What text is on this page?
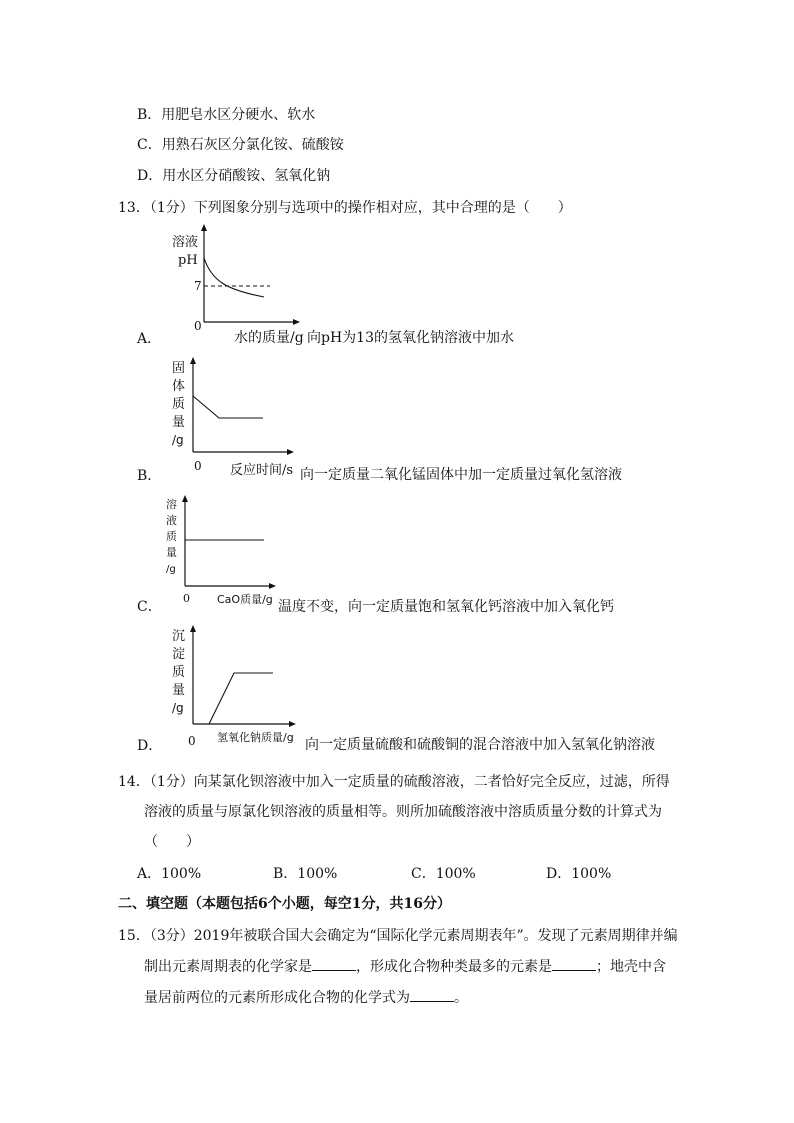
B．用肥皂水区分硬水、软水
C．用熟石灰区分氯化铵、硫酸铵
D．用水区分硝酸铵、氢氧化钠
13．（1分）下列图象分别与选项中的操作相对应，其中合理的是（　　）
A．
溶液
pH
7
0
水的质量/g 向pH为13的氢氧化钠溶液中加水
B．
固
体
质
量
/g
0 反应时间/s 向一定质量二氧化锰固体中加一定质量过氧化氢溶液
C．
溶
液
质
量
/g
0 CaO质量/g 温度不变，向一定质量饱和氢氧化钙溶液中加入氧化钙
D．
沉
淀
质
量
/g
0 氢氧化钠质量/g 向一定质量硫酸和硫酸铜的混合溶液中加入氢氧化钠溶液
14．（1分）向某氯化钡溶液中加入一定质量的硫酸溶液，二者恰好完全反应，过滤，所得
溶液的质量与原氯化钡溶液的质量相等。则所加硫酸溶液中溶质质量分数的计算式为
（　　）
A．100%	B．100%	C．100%	D．100%
二、填空题（本题包括6个小题，每空1分，共16分）
15．（3分）2019年被联合国大会确定为“国际化学元素周期表年”。发现了元素周期律并编
制出元素周期表的化学家是	，形成化合物种类最多的元素是	；地壳中含
量居前两位的元素所形成化合物的化学式为	。
